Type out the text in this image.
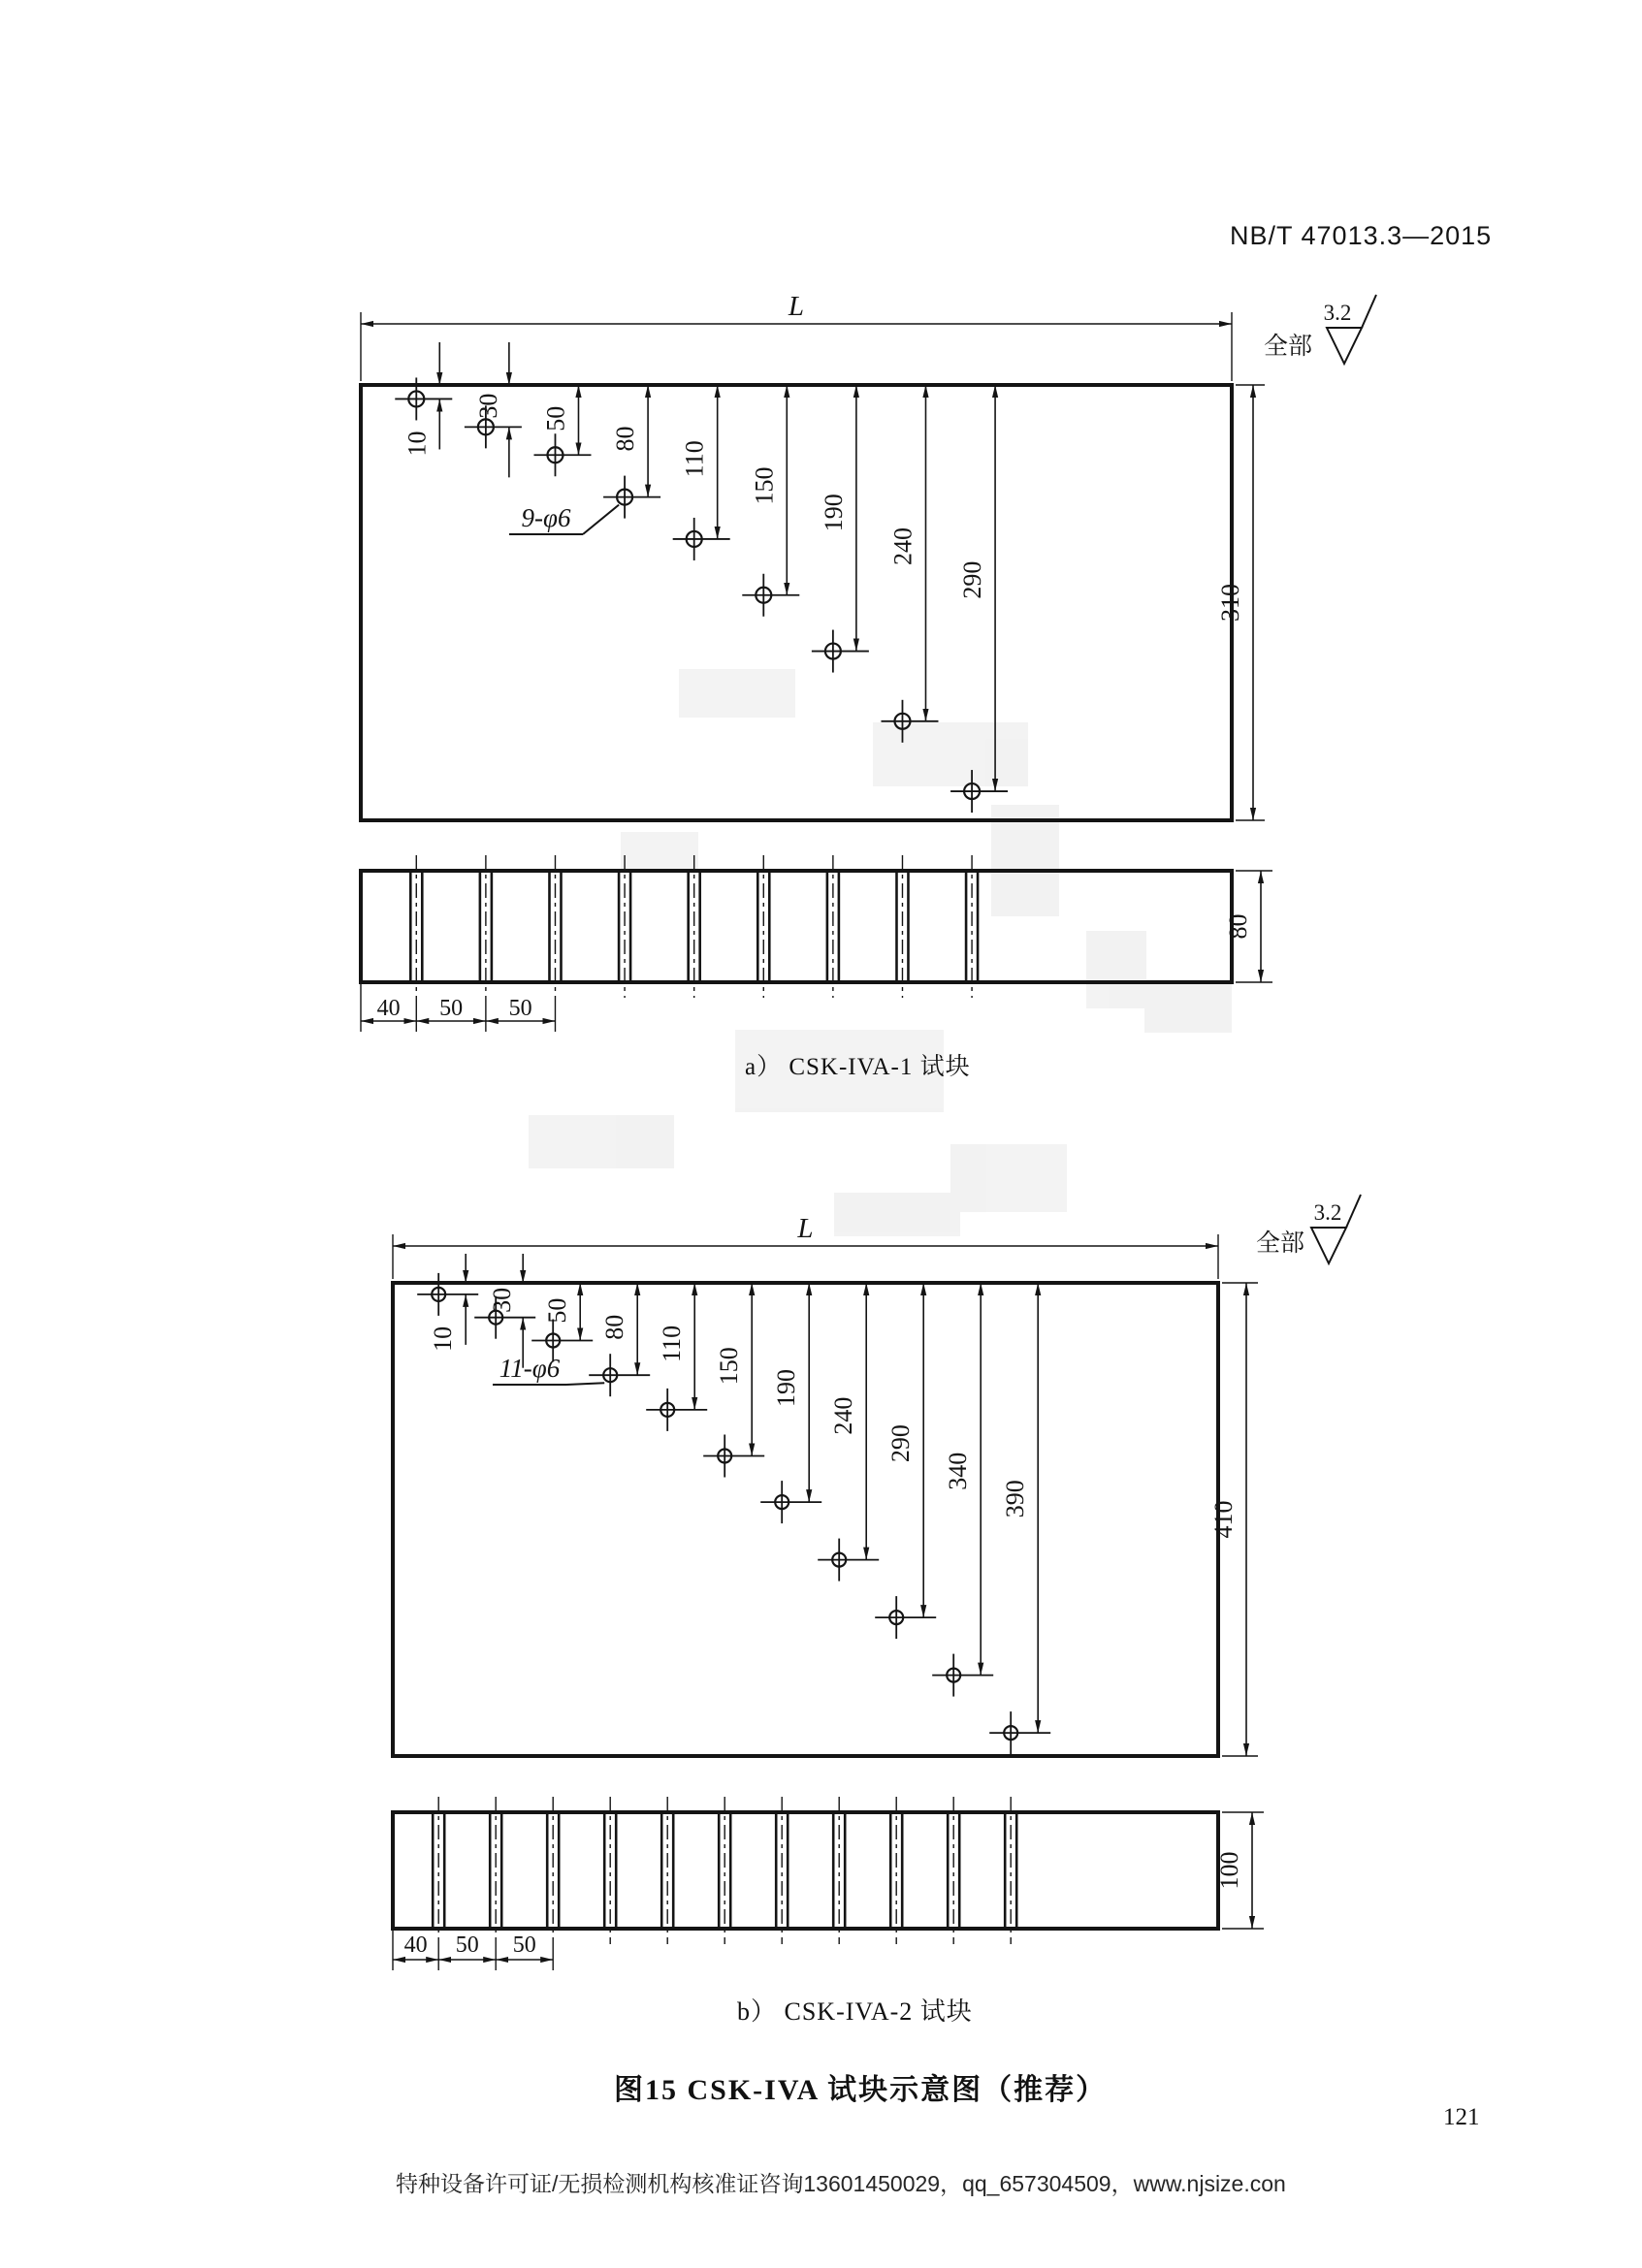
L
全部
3.2
310
10
30
50
80
110
150
190
240
290
9-φ6
40 50 50
80
L	全部
3.2
410
10
30 50
80 110
150
190
240
290
340
390
11-φ6
40 50 50
100
NB/T 47013.3—2015
a） CSK-IVA-1 试块
b） CSK-IVA-2 试块
图15 CSK-IVA 试块示意图（推荐）
121
特种设备许可证/无损检测机构核准证咨询13601450029，qq_657304509，www.njsize.con
